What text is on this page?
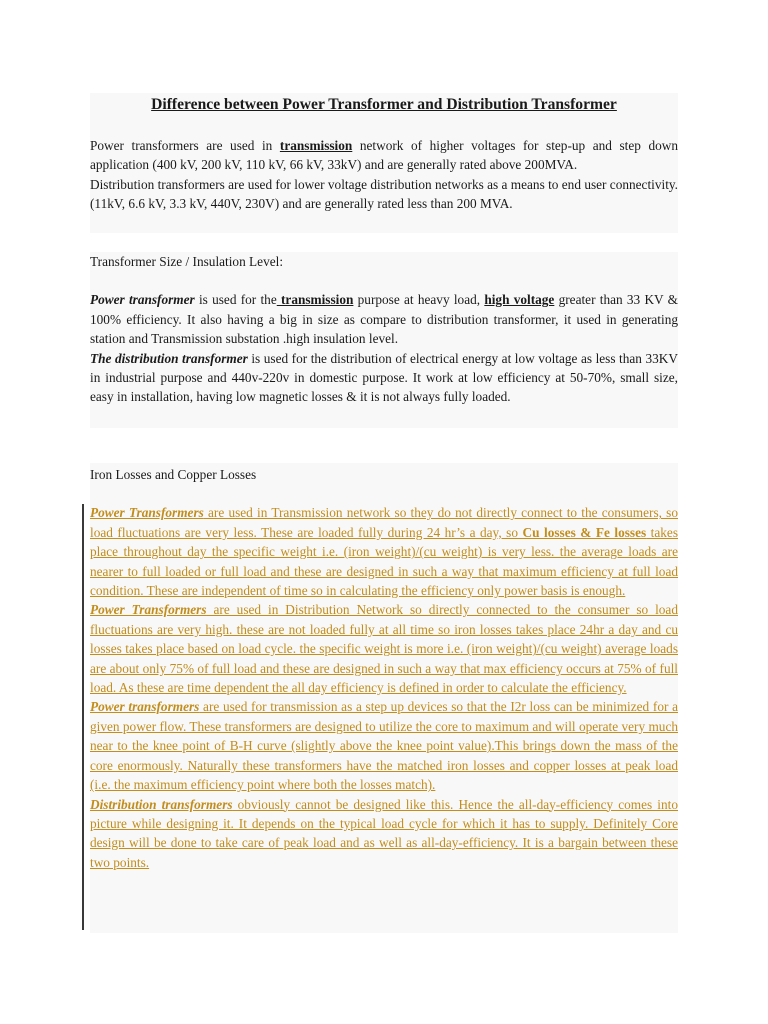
Difference between Power Transformer and Distribution Transformer

Power transformers are used in transmission network of higher voltages for step-up and step down application (400 kV, 200 kV, 110 kV, 66 kV, 33kV) and are generally rated above 200MVA.

Distribution transformers are used for lower voltage distribution networks as a means to end user connectivity. (11kV, 6.6 kV, 3.3 kV, 440V, 230V) and are generally rated less than 200 MVA.

Transformer Size / Insulation Level:

Power transformer is used for the transmission purpose at heavy load, high voltage greater than 33 KV & 100% efficiency. It also having a big in size as compare to distribution transformer, it used in generating station and Transmission substation .high insulation level.

The distribution transformer is used for the distribution of electrical energy at low voltage as less than 33KV in industrial purpose and 440v-220v in domestic purpose. It work at low efficiency at 50-70%, small size, easy in installation, having low magnetic losses & it is not always fully loaded.

Iron Losses and Copper Losses

Power Transformers are used in Transmission network so they do not directly connect to the consumers, so load fluctuations are very less. These are loaded fully during 24 hr’s a day, so Cu losses & Fe losses takes place throughout day the specific weight i.e. (iron weight)/(cu weight) is very less. the average loads are nearer to full loaded or full load and these are designed in such a way that maximum efficiency at full load condition. These are independent of time so in calculating the efficiency only power basis is enough.

Power Transformers are used in Distribution Network so directly connected to the consumer so load fluctuations are very high. these are not loaded fully at all time so iron losses takes place 24hr a day and cu losses takes place based on load cycle. the specific weight is more i.e. (iron weight)/(cu weight) average loads are about only 75% of full load and these are designed in such a way that max efficiency occurs at 75% of full load. As these are time dependent the all day efficiency is defined in order to calculate the efficiency.

Power transformers are used for transmission as a step up devices so that the I2r loss can be minimized for a given power flow. These transformers are designed to utilize the core to maximum and will operate very much near to the knee point of B-H curve (slightly above the knee point value).This brings down the mass of the core enormously. Naturally these transformers have the matched iron losses and copper losses at peak load (i.e. the maximum efficiency point where both the losses match).

Distribution transformers obviously cannot be designed like this. Hence the all-day-efficiency comes into picture while designing it. It depends on the typical load cycle for which it has to supply. Definitely Core design will be done to take care of peak load and as well as all-day-efficiency. It is a bargain between these two points.
